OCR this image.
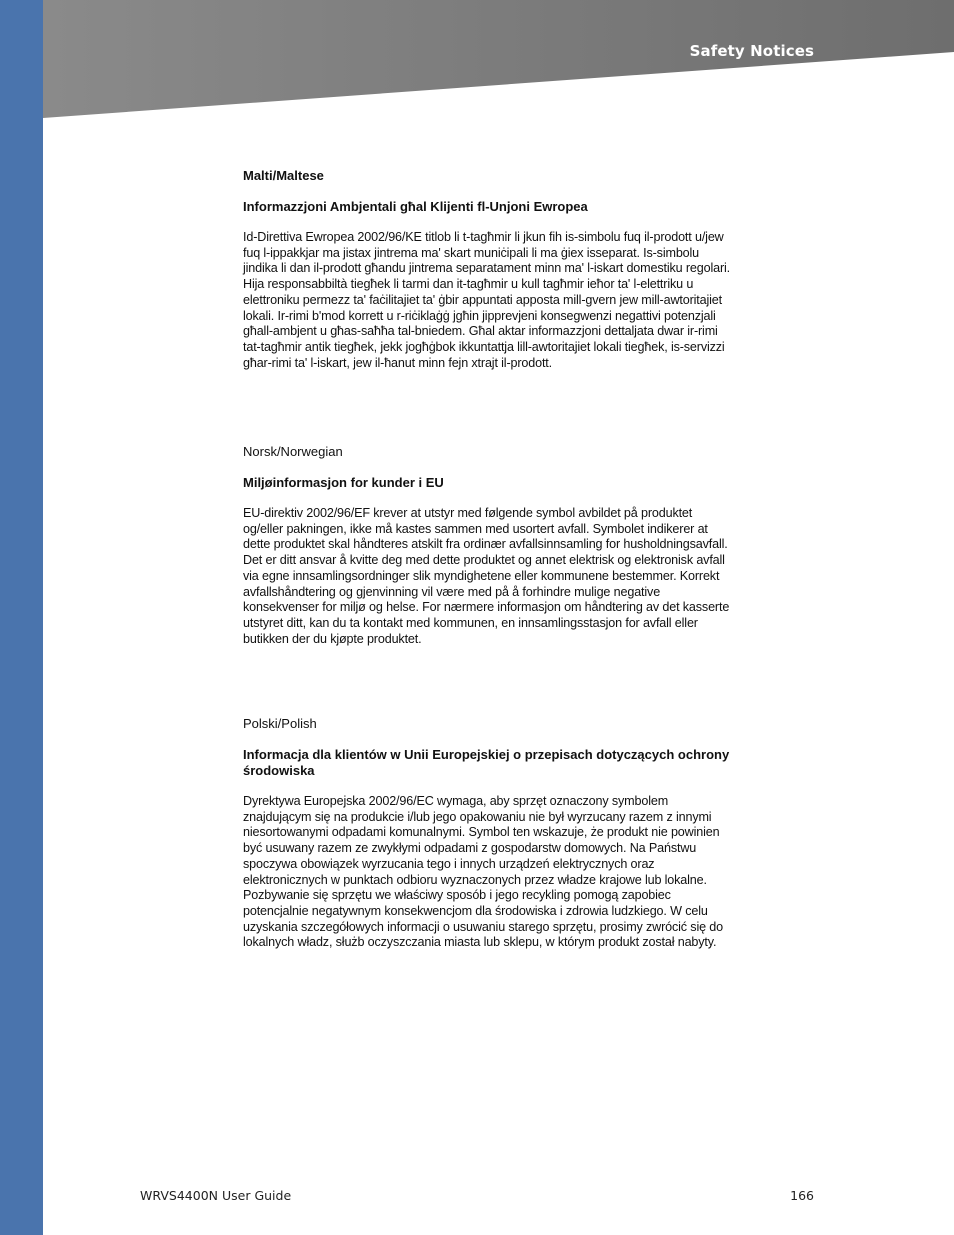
Safety Notices
Malti/Maltese
Informazzjoni Ambjentali għal Klijenti fl-Unjoni Ewropea

Id-Direttiva Ewropea 2002/96/KE titlob li t-tagħmir li jkun fih is-simbolu fuq il-prodott u/jew fuq l-ippakkjar ma jistax jintrema ma' skart muniċipali li ma ġiex isseparat. Is-simbolu jindika li dan il-prodott għandu jintrema separatament minn ma' l-iskart domestiku regolari. Hija responsabbiltà tiegħek li tarmi dan it-tagħmir u kull tagħmir ieħor ta' l-elettriku u elettroniku permezz ta' faċilitajiet ta' ġbir appuntati apposta mill-gvern jew mill-awtoritajiet lokali. Ir-rimi b'mod korrett u r-riċiklaġġ jgħin jipprevjeni konsegwenzi negattivi potenzjali għall-ambjent u għas-saħħa tal-bniedem. Għal aktar informazzjoni dettaljata dwar ir-rimi tat-tagħmir antik tiegħek, jekk jogħġbok ikkuntattja lill-awtoritajiet lokali tiegħek, is-servizzi għar-rimi ta' l-iskart, jew il-ħanut minn fejn xtrajt il-prodott.

Norsk/Norwegian
Miljøinformasjon for kunder i EU

EU-direktiv 2002/96/EF krever at utstyr med følgende symbol avbildet på produktet og/eller pakningen, ikke må kastes sammen med usortert avfall. Symbolet indikerer at dette produktet skal håndteres atskilt fra ordinær avfallsinnsamling for husholdningsavfall. Det er ditt ansvar å kvitte deg med dette produktet og annet elektrisk og elektronisk avfall via egne innsamlingsordninger slik myndighetene eller kommunene bestemmer. Korrekt avfallshåndtering og gjenvinning vil være med på å forhindre mulige negative konsekvenser for miljø og helse. For nærmere informasjon om håndtering av det kasserte utstyret ditt, kan du ta kontakt med kommunen, en innsamlingsstasjon for avfall eller butikken der du kjøpte produktet.

Polski/Polish
Informacja dla klientów w Unii Europejskiej o przepisach dotyczących ochrony środowiska

Dyrektywa Europejska 2002/96/EC wymaga, aby sprzęt oznaczony symbolem znajdującym się na produkcie i/lub jego opakowaniu nie był wyrzucany razem z innymi niesortowanymi odpadami komunalnymi. Symbol ten wskazuje, że produkt nie powinien być usuwany razem ze zwykłymi odpadami z gospodarstw domowych. Na Państwu spoczywa obowiązek wyrzucania tego i innych urządzeń elektrycznych oraz elektronicznych w punktach odbioru wyznaczonych przez władze krajowe lub lokalne. Pozbywanie się sprzętu we właściwy sposób i jego recykling pomogą zapobiec potencjalnie negatywnym konsekwencjom dla środowiska i zdrowia ludzkiego. W celu uzyskania szczegółowych informacji o usuwaniu starego sprzętu, prosimy zwrócić się do lokalnych władz, służb oczyszczania miasta lub sklepu, w którym produkt został nabyty.

WRVS4400N User Guide	166
